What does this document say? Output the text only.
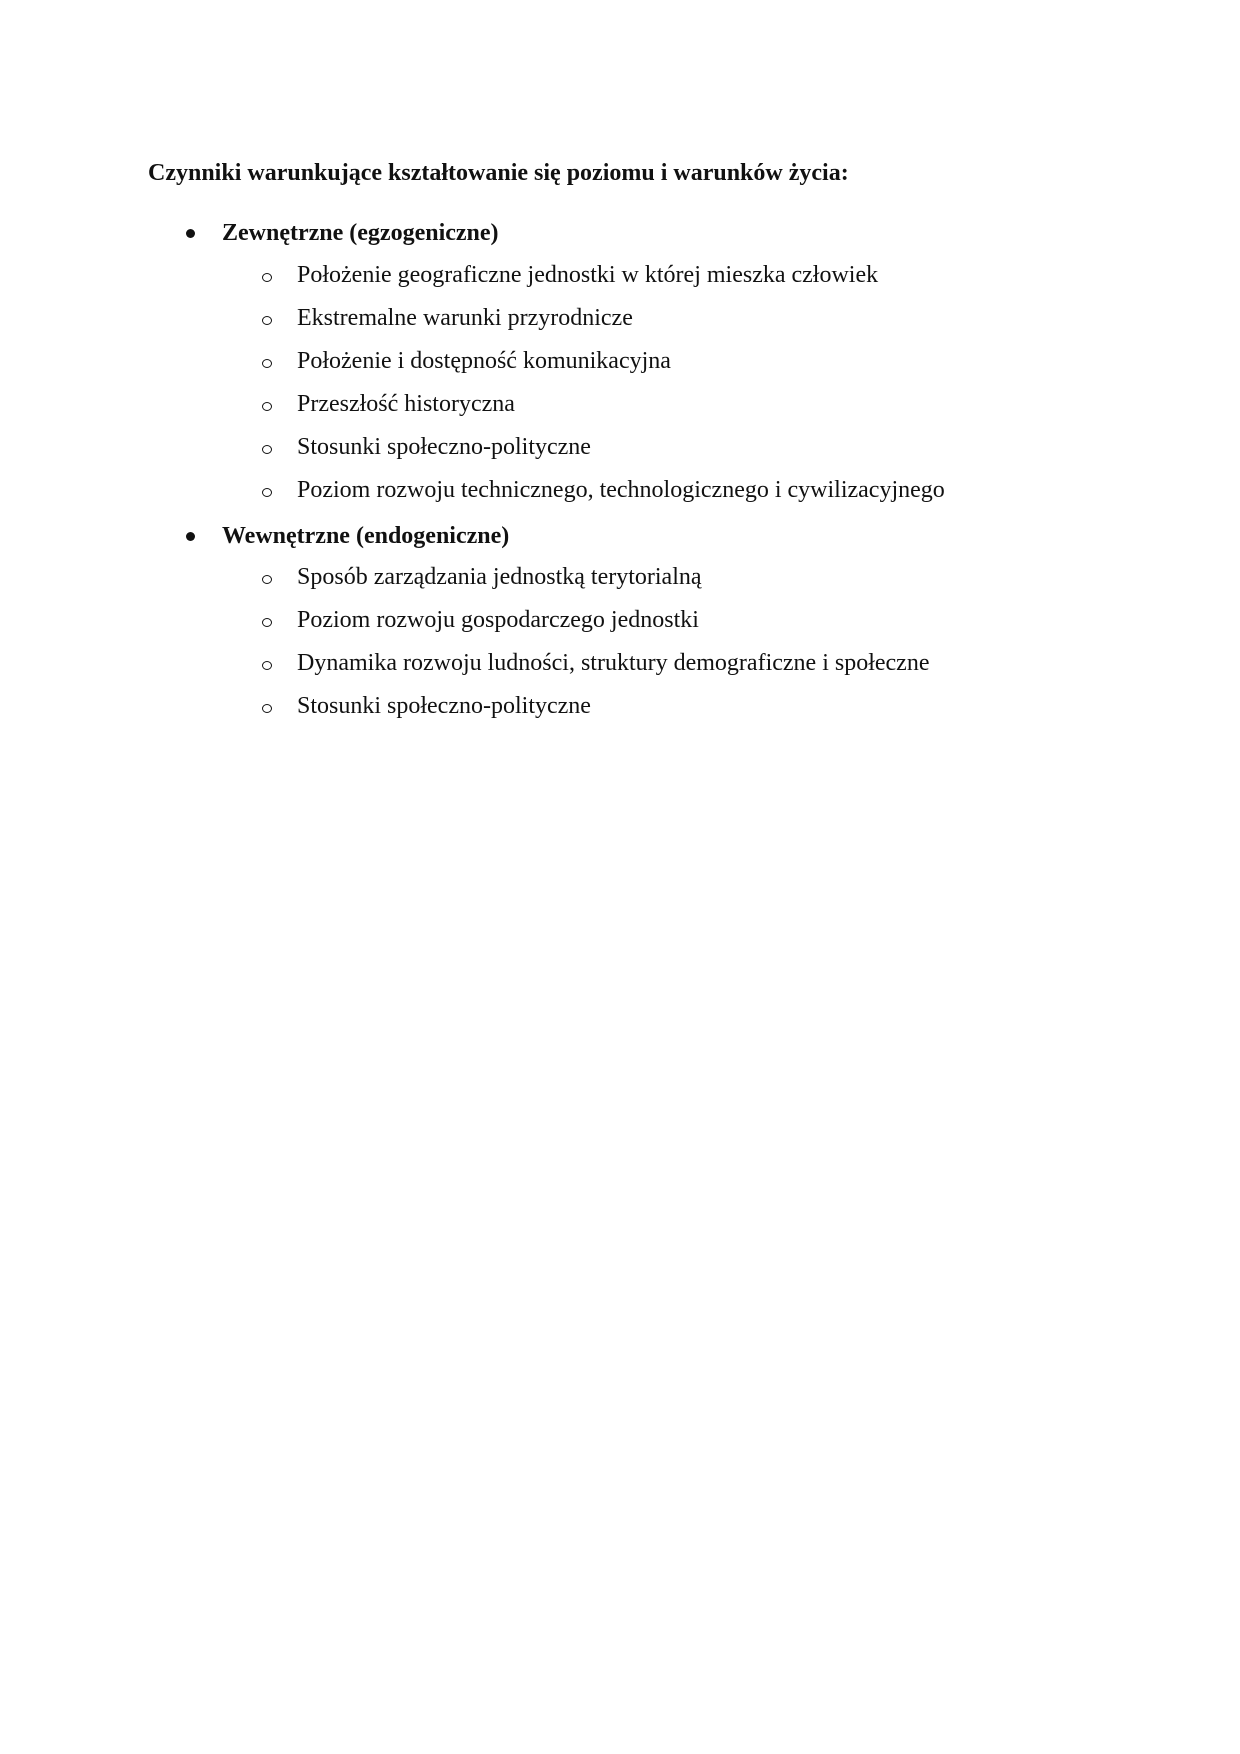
Czynniki warunkujące kształtowanie się poziomu i warunków życia:
Zewnętrzne (egzogeniczne)
Położenie geograficzne jednostki w której mieszka człowiek
Ekstremalne warunki przyrodnicze
Położenie i dostępność komunikacyjna
Przeszłość historyczna
Stosunki społeczno-polityczne
Poziom rozwoju technicznego, technologicznego i cywilizacyjnego
Wewnętrzne (endogeniczne)
Sposób zarządzania jednostką terytorialną
Poziom rozwoju gospodarczego jednostki
Dynamika rozwoju ludności, struktury demograficzne i społeczne
Stosunki społeczno-polityczne
